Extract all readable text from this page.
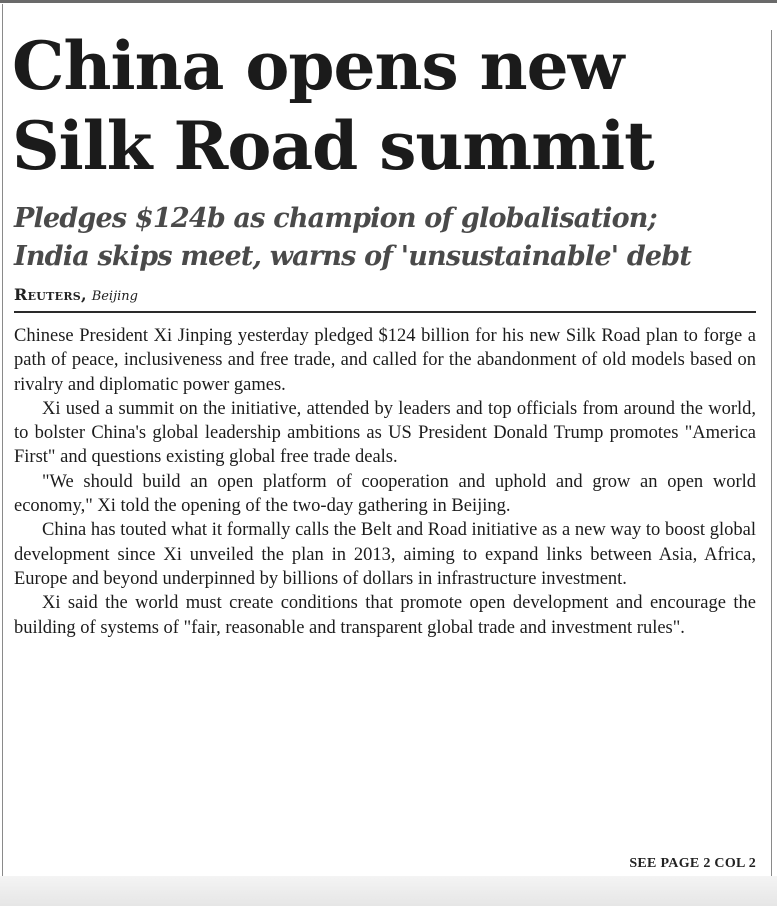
China opens new
Silk Road summit
Pledges $124b as champion of globalisation;
India skips meet, warns of 'unsustainable' debt
Reuters, Beijing

Chinese President Xi Jinping yesterday pledged $124 billion for his new Silk Road plan to forge a path of peace, inclusiveness and free trade, and called for the abandonment of old models based on rivalry and diplomatic power games.

Xi used a summit on the initiative, attended by leaders and top officials from around the world, to bolster China's global leadership ambitions as US President Donald Trump promotes "America First" and questions existing global free trade deals.

"We should build an open platform of cooperation and uphold and grow an open world economy," Xi told the opening of the two-day gathering in Beijing.

China has touted what it formally calls the Belt and Road initiative as a new way to boost global development since Xi unveiled the plan in 2013, aiming to expand links between Asia, Africa, Europe and beyond underpinned by billions of dollars in infrastructure investment.

Xi said the world must create conditions that promote open development and encourage the building of systems of "fair, reasonable and transparent global trade and investment rules".

SEE PAGE 2 COL 2
